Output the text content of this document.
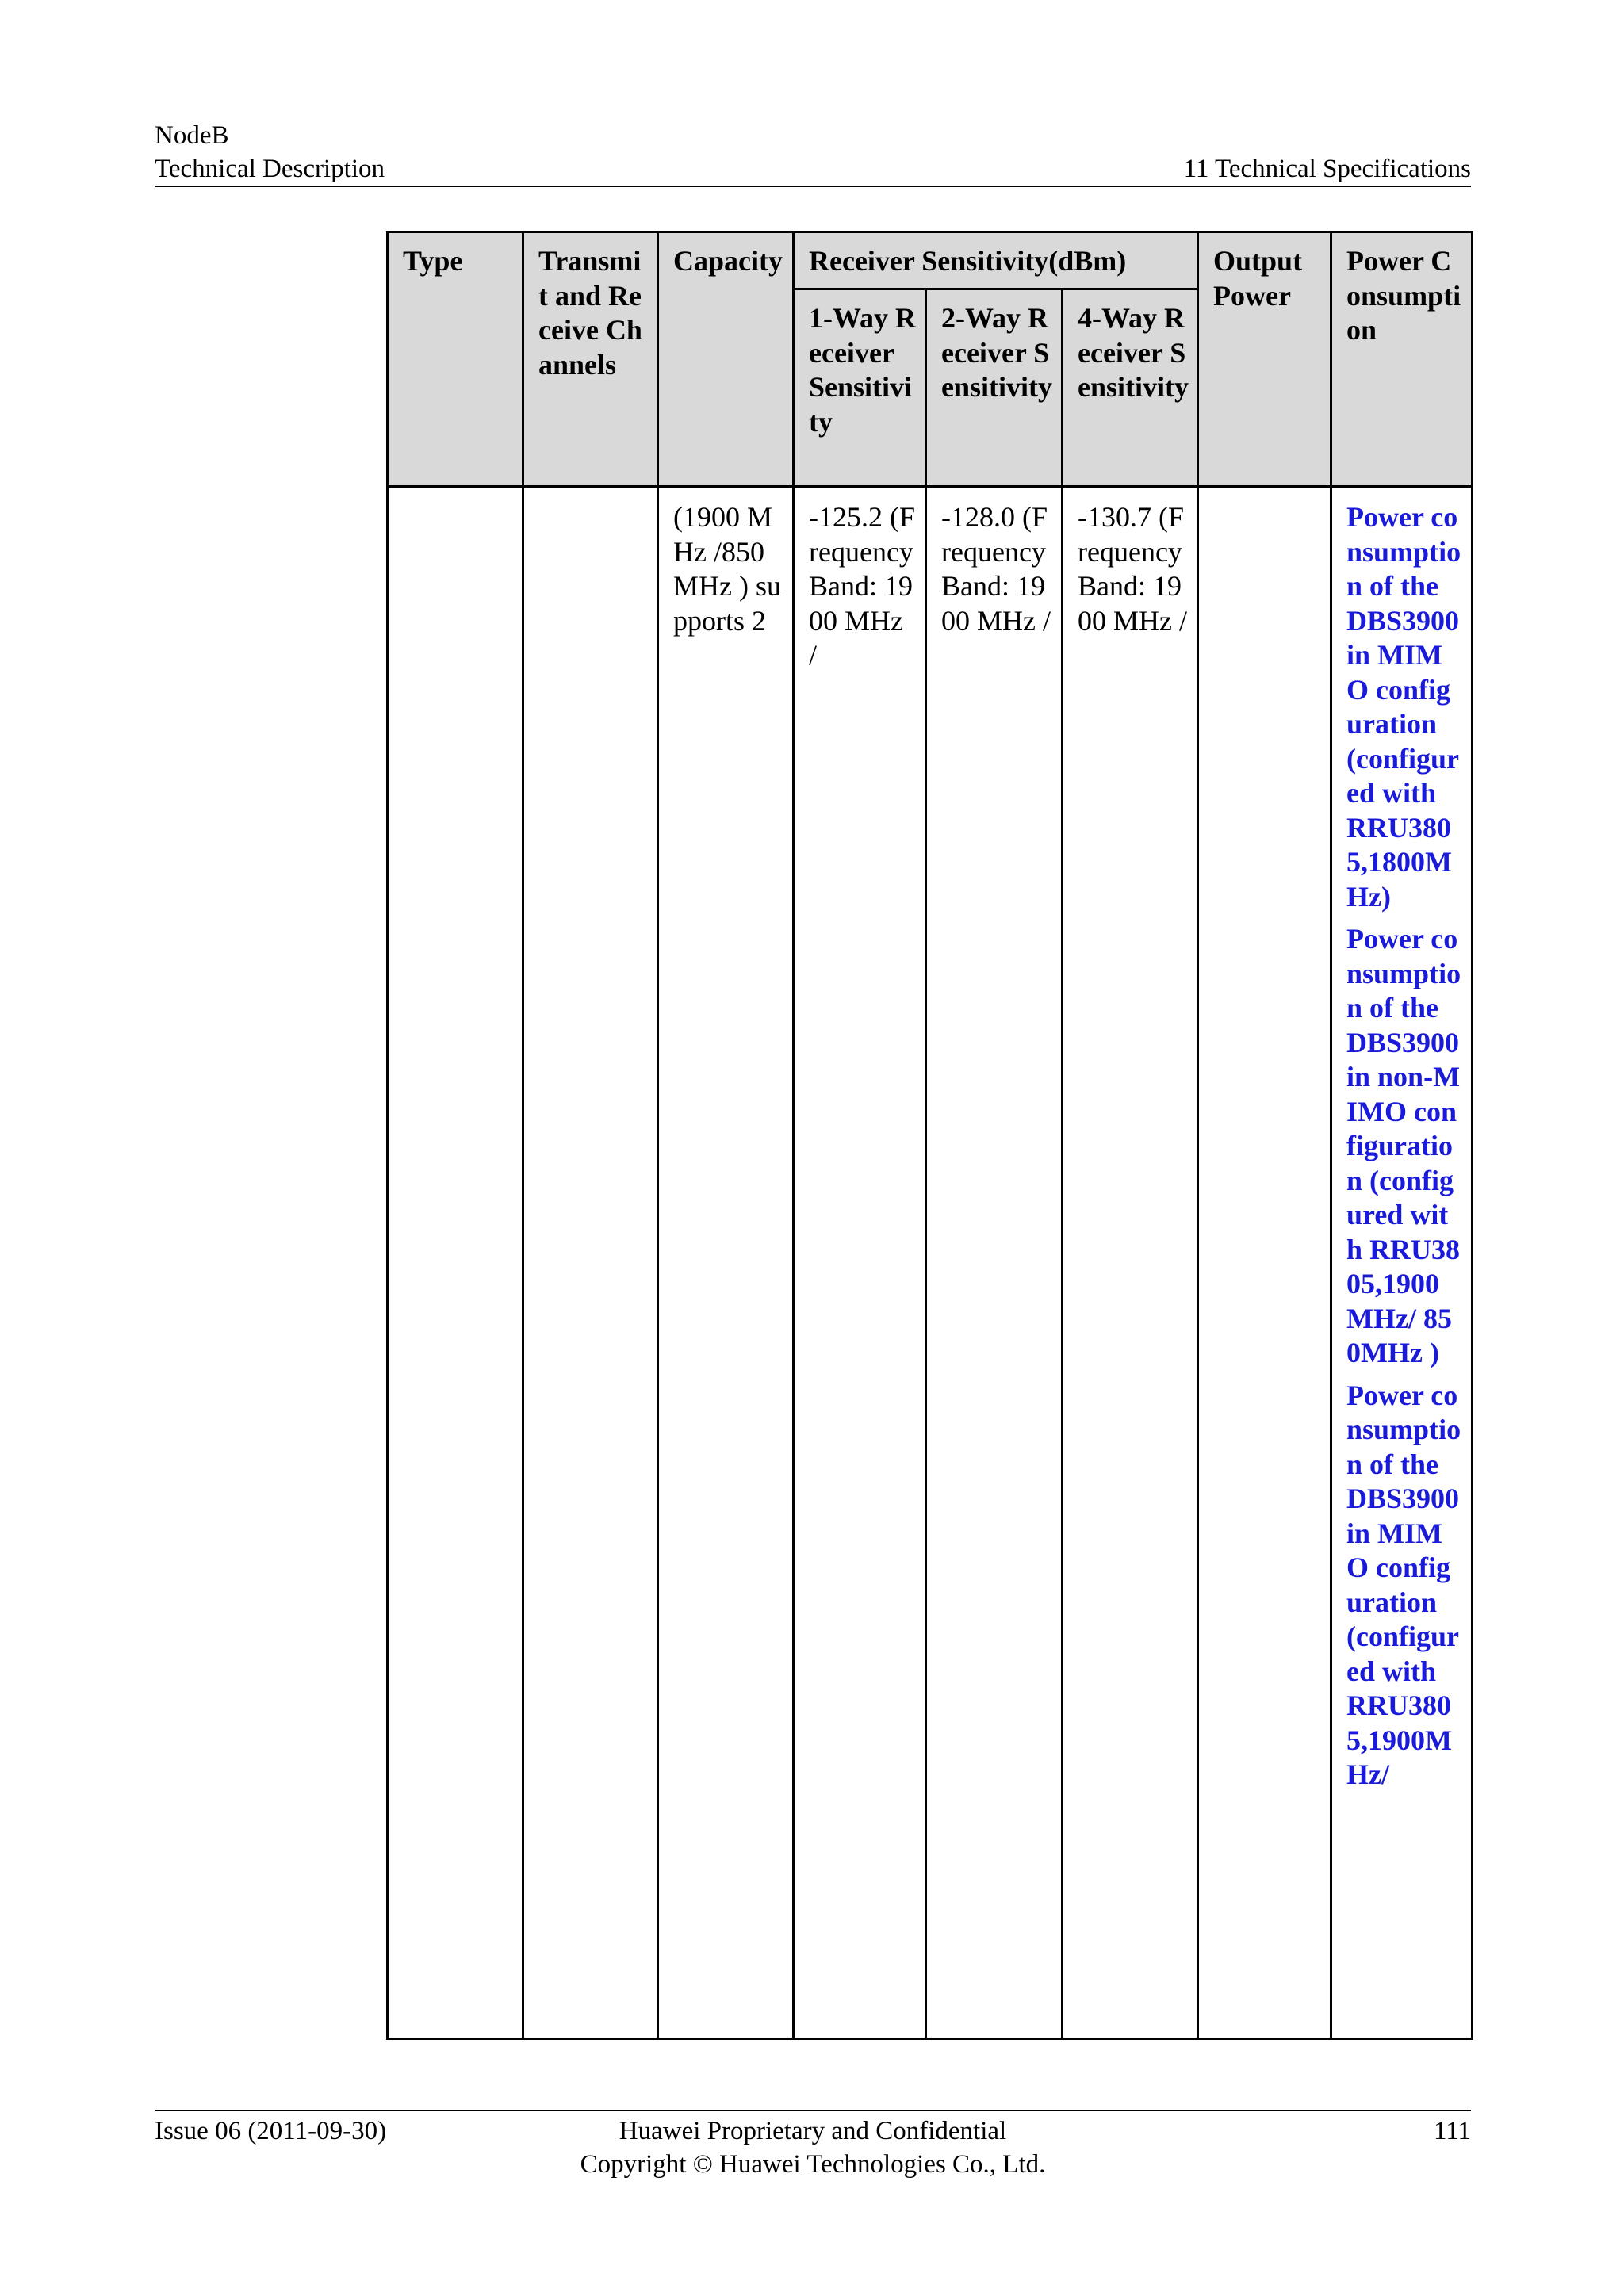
NodeB
Technical Description	11 Technical Specifications
Type	Transmit and Receive Channels	Capacity	Receiver Sensitivity(dBm)			Output Power	Power Consumption
			1-Way Receiver Sensitivity	2-Way Receiver Sensitivity	4-Way Receiver Sensitivity		
		(1900 MHz /850 MHz ) supports 2	-125.2 (Frequency Band: 1900 MHz /	-128.0 (Frequency Band: 1900 MHz /	-130.7 (Frequency Band: 1900 MHz /		Power consumption of the DBS3900 in MIMO configuration (configured with RRU3805,1800MHz)
Power consumption of the DBS3900 in non-MIMO configuration (configured with RRU3805,1900MHz/ 850MHz )
Power consumption of the DBS3900 in MIMO configuration (configured with RRU3805,1900MHz/
Issue 06 (2011-09-30)	Huawei Proprietary and Confidential
Copyright © Huawei Technologies Co., Ltd.
111
